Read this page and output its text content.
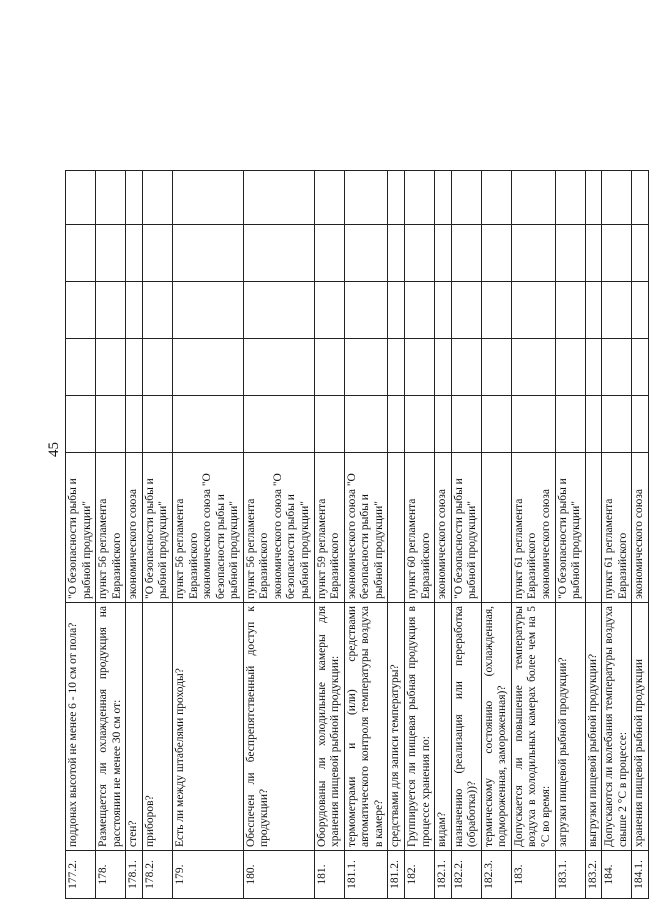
45
177.2.	поддонах высотой не менее 6 - 10 см от пола?	"О безопасности рыбы и рыбной продукции"					
178.	Размещается ли охлажденная продукция на расстоянии не менее 30 см от:	пункт 56 регламента Евразийского					
178.1.	стен?	экономического союза					
178.2.	приборов?	"О безопасности рыбы и рыбной продукции"					
179.	Есть ли между штабелями проходы?	пункт 56 регламента Евразийского экономического союза "О безопасности рыбы и рыбной продукции"					
180.	Обеспечен ли беспрепятственный доступ к продукции?	пункт 56 регламента Евразийского экономического союза "О безопасности рыбы и рыбной продукции"					
181.	Оборудованы ли холодильные камеры для хранения пищевой рыбной продукции:	пункт 59 регламента Евразийского					
181.1.	термометрами и (или) средствами автоматического контроля температуры воздуха в камере?	экономического союза "О безопасности рыбы и рыбной продукции"					
181.2.	средствами для записи температуры?						
182.	Группируется ли пищевая рыбная продукция в процессе хранения по:	пункт 60 регламента Евразийского					
182.1.	видам?	экономического союза					
182.2.	назначению (реализация или переработка (обработка))?	"О безопасности рыбы и рыбной продукции"					
182.3.	термическому состоянию (охлажденная, подмороженная, замороженная)?						
183.	Допускается ли повышение температуры воздуха в холодильных камерах более чем на 5 °С во время:	пункт 61 регламента Евразийского экономического союза					
183.1.	загрузки пищевой рыбной продукции?	"О безопасности рыбы и рыбной продукции"					
183.2.	выгрузки пищевой рыбной продукции?						
184.	Допускаются ли колебания температуры воздуха свыше 2 °С в процессе:	пункт 61 регламента Евразийского					
184.1.	хранения пищевой рыбной продукции	экономического союза					
